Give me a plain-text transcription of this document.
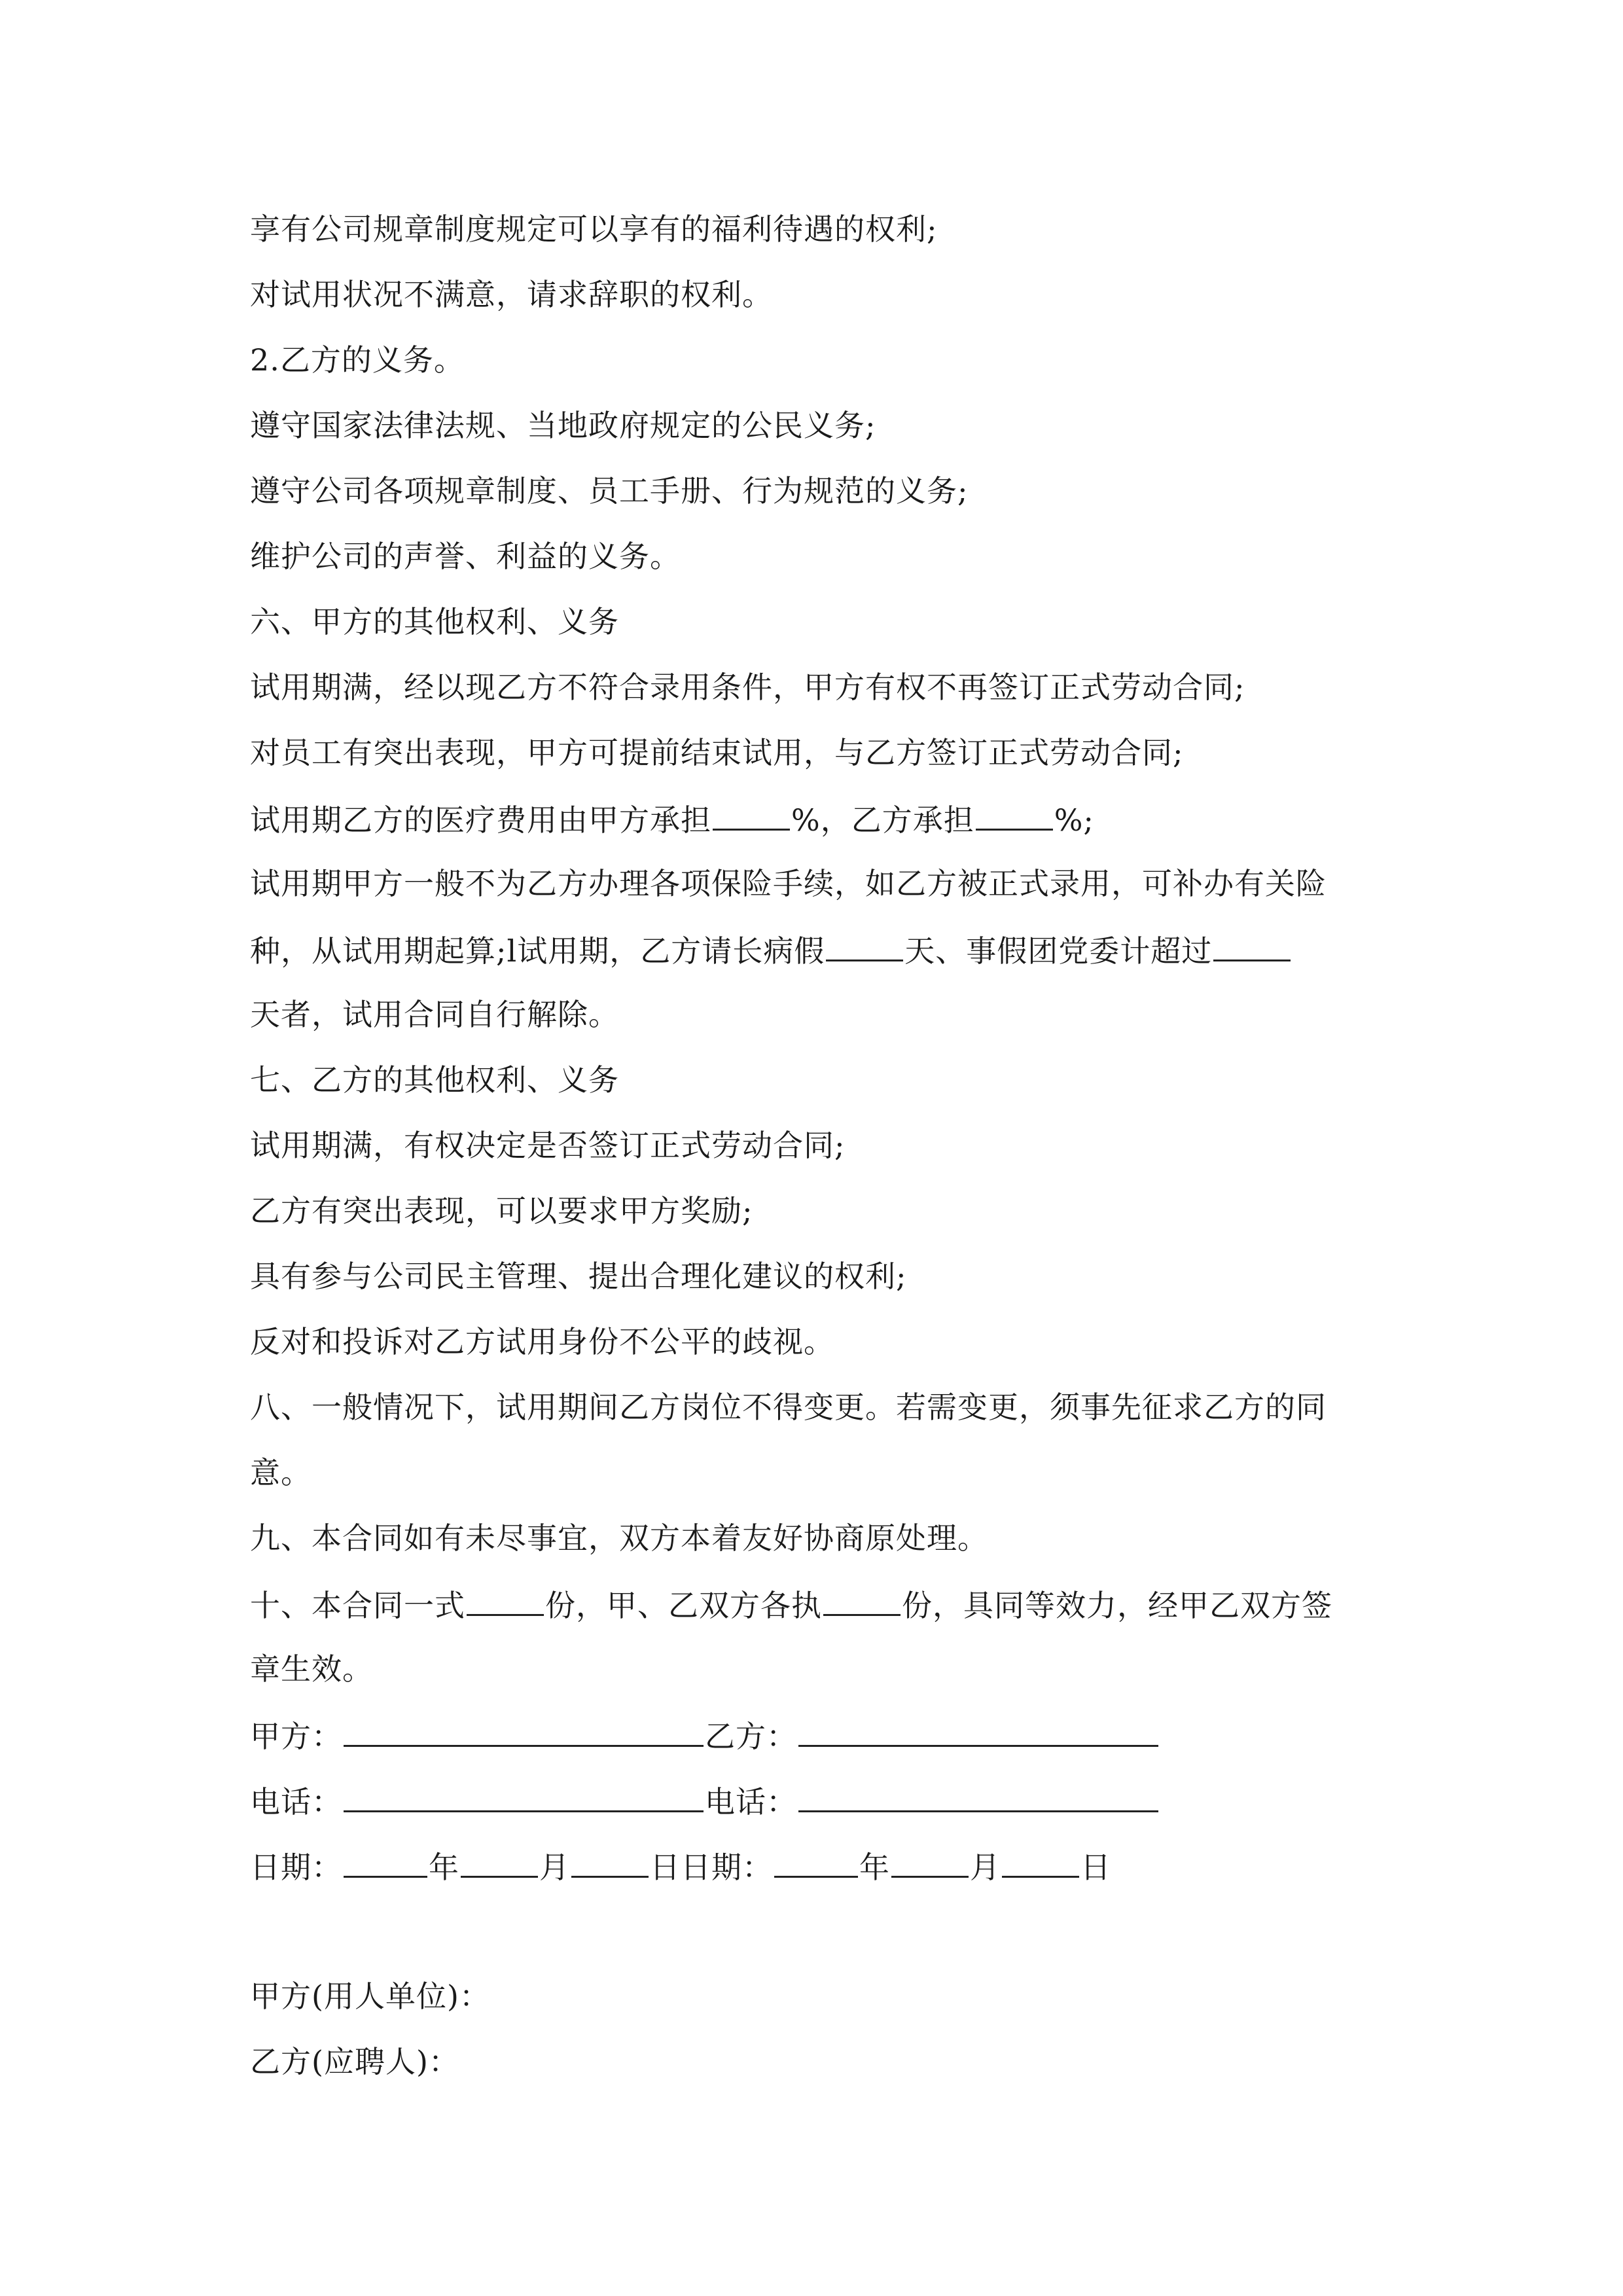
享有公司规章制度规定可以享有的福利待遇的权利;
对试用状况不满意，请求辞职的权利。
2.乙方的义务。
遵守国家法律法规、当地政府规定的公民义务;
遵守公司各项规章制度、员工手册、行为规范的义务;
维护公司的声誉、利益的义务。
六、甲方的其他权利、义务
试用期满，经以现乙方不符合录用条件，甲方有权不再签订正式劳动合同;
对员工有突出表现，甲方可提前结束试用，与乙方签订正式劳动合同;
试用期乙方的医疗费用由甲方承担	%，乙方承担	%;
试用期甲方一般不为乙方办理各项保险手续，如乙方被正式录用，可补办有关险
种，从试用期起算;l试用期，乙方请长病假	天、事假团党委计超过
天者，试用合同自行解除。
七、乙方的其他权利、义务
试用期满，有权决定是否签订正式劳动合同;
乙方有突出表现，可以要求甲方奖励;
具有参与公司民主管理、提出合理化建议的权利;
反对和投诉对乙方试用身份不公平的歧视。
八、一般情况下，试用期间乙方岗位不得变更。若需变更，须事先征求乙方的同
意。
九、本合同如有未尽事宜，双方本着友好协商原处理。
十、本合同一式	份，甲、乙双方各执	份，具同等效力，经甲乙双方签
章生效。
甲方：	乙方：
电话：	电话：
日期：	年	月	日日期：	年	月	日
甲方(用人单位)：
乙方(应聘人)：
